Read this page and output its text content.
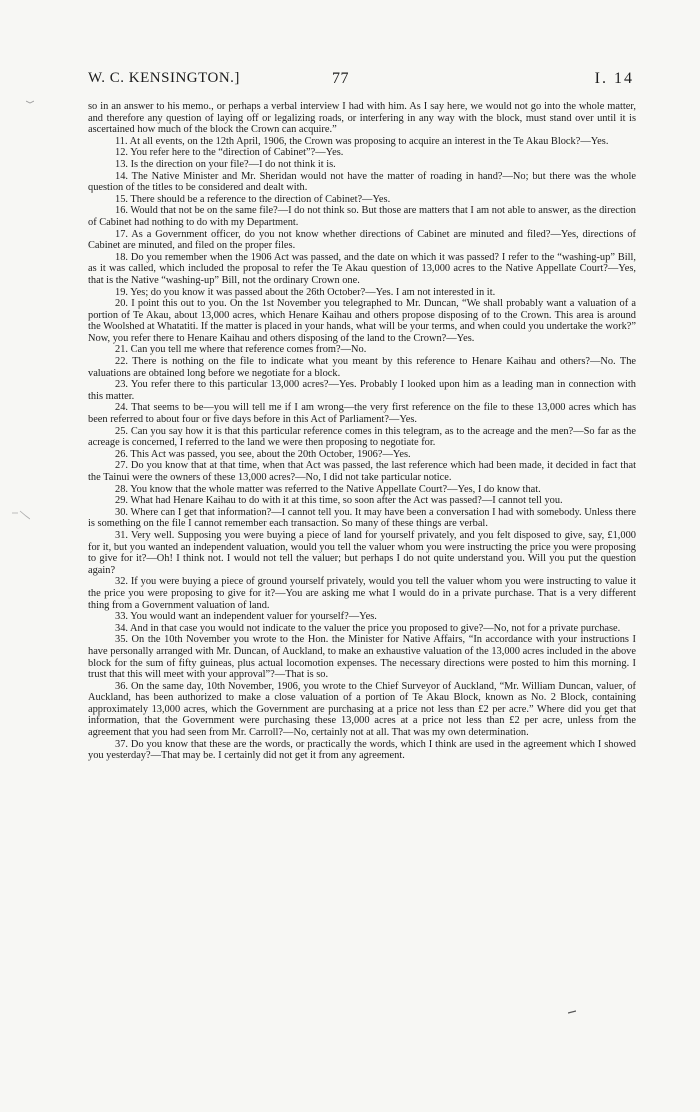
W. C. KENSINGTON.]	77	I. 14

so in an answer to his memo., or perhaps a verbal interview I had with him. As I say here, we would not go into the whole matter, and therefore any question of laying off or legalizing roads, or interfering in any way with the block, must stand over until it is ascertained how much of the block the Crown can acquire.”

11. At all events, on the 12th April, 1906, the Crown was proposing to acquire an interest in the Te Akau Block?—Yes.

12. You refer here to the “direction of Cabinet”?—Yes.

13. Is the direction on your file?—I do not think it is.

14. The Native Minister and Mr. Sheridan would not have the matter of roading in hand?—No; but there was the whole question of the titles to be considered and dealt with.

15. There should be a reference to the direction of Cabinet?—Yes.

16. Would that not be on the same file?—I do not think so. But those are matters that I am not able to answer, as the direction of Cabinet had nothing to do with my Department.

17. As a Government officer, do you not know whether directions of Cabinet are minuted and filed?—Yes, directions of Cabinet are minuted, and filed on the proper files.

18. Do you remember when the 1906 Act was passed, and the date on which it was passed? I refer to the “washing-up” Bill, as it was called, which included the proposal to refer the Te Akau question of 13,000 acres to the Native Appellate Court?—Yes, that is the Native “washing-up” Bill, not the ordinary Crown one.

19. Yes; do you know it was passed about the 26th October?—Yes. I am not interested in it.

20. I point this out to you. On the 1st November you telegraphed to Mr. Duncan, “We shall probably want a valuation of a portion of Te Akau, about 13,000 acres, which Henare Kaihau and others propose disposing of to the Crown. This area is around the Woolshed at Whatatiti. If the matter is placed in your hands, what will be your terms, and when could you undertake the work?” Now, you refer there to Henare Kaihau and others disposing of the land to the Crown?—Yes.

21. Can you tell me where that reference comes from?—No.

22. There is nothing on the file to indicate what you meant by this reference to Henare Kaihau and others?—No. The valuations are obtained long before we negotiate for a block.

23. You refer there to this particular 13,000 acres?—Yes. Probably I looked upon him as a leading man in connection with this matter.

24. That seems to be—you will tell me if I am wrong—the very first reference on the file to these 13,000 acres which has been referred to about four or five days before in this Act of Parliament?—Yes.

25. Can you say how it is that this particular reference comes in this telegram, as to the acreage and the men?—So far as the acreage is concerned, I referred to the land we were then proposing to negotiate for.

26. This Act was passed, you see, about the 20th October, 1906?—Yes.

27. Do you know that at that time, when that Act was passed, the last reference which had been made, it decided in fact that the Tainui were the owners of these 13,000 acres?—No, I did not take particular notice.

28. You know that the whole matter was referred to the Native Appellate Court?—Yes, I do know that.

29. What had Henare Kaihau to do with it at this time, so soon after the Act was passed?—I cannot tell you.

30. Where can I get that information?—I cannot tell you. It may have been a conversation I had with somebody. Unless there is something on the file I cannot remember each transaction. So many of these things are verbal.

31. Very well. Supposing you were buying a piece of land for yourself privately, and you felt disposed to give, say, £1,000 for it, but you wanted an independent valuation, would you tell the valuer whom you were instructing the price you were proposing to give for it?—Oh! I think not. I would not tell the valuer; but perhaps I do not quite understand you. Will you put the question again?

32. If you were buying a piece of ground yourself privately, would you tell the valuer whom you were instructing to value it the price you were proposing to give for it?—You are asking me what I would do in a private purchase. That is a very different thing from a Government valuation of land.

33. You would want an independent valuer for yourself?—Yes.

34. And in that case you would not indicate to the valuer the price you proposed to give?—No, not for a private purchase.

35. On the 10th November you wrote to the Hon. the Minister for Native Affairs, “In accordance with your instructions I have personally arranged with Mr. Duncan, of Auckland, to make an exhaustive valuation of the 13,000 acres included in the above block for the sum of fifty guineas, plus actual locomotion expenses. The necessary directions were posted to him this morning. I trust that this will meet with your approval”?—That is so.

36. On the same day, 10th November, 1906, you wrote to the Chief Surveyor of Auckland, “Mr. William Duncan, valuer, of Auckland, has been authorized to make a close valuation of a portion of Te Akau Block, known as No. 2 Block, containing approximately 13,000 acres, which the Government are purchasing at a price not less than £2 per acre.” Where did you get that information, that the Government were purchasing these 13,000 acres at a price not less than £2 per acre, unless from the agreement that you had seen from Mr. Carroll?—No, certainly not at all. That was my own determination.

37. Do you know that these are the words, or practically the words, which I think are used in the agreement which I showed you yesterday?—That may be. I certainly did not get it from any agreement.
